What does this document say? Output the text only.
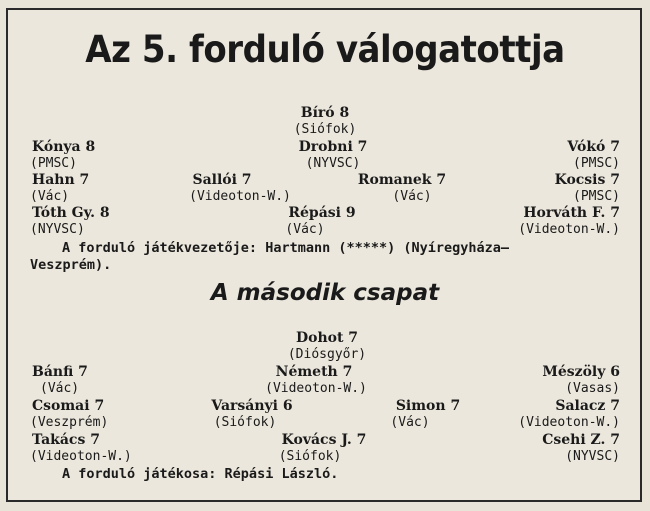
Az 5. forduló válogatottja
Bíró 8
(Siófok)
Kónya 8
(PMSC)
Drobni 7
(NYVSC)
Vókó 7
(PMSC)
Hahn 7
(Vác)
Sallói 7
(Videoton-W.)
Romanek 7
(Vác)
Kocsis 7
(PMSC)
Tóth Gy. 8
(NYVSC)
Répási 9
(Vác)
Horváth F. 7
(Videoton-W.)
A forduló játékvezetője: Hartmann (*****) (Nyíregyháza—
Veszprém).
A második csapat
Dohot 7
(Diósgyőr)
Bánfi 7
(Vác)
Németh 7
(Videoton-W.)
Mészöly 6
(Vasas)
Csomai 7
(Veszprém)
Varsányi 6
(Siófok)
Simon 7
(Vác)
Salacz 7
(Videoton-W.)
Takács 7
(Videoton-W.)
Kovács J. 7
(Siófok)
Csehi Z. 7
(NYVSC)
A forduló játékosa: Répási László.
